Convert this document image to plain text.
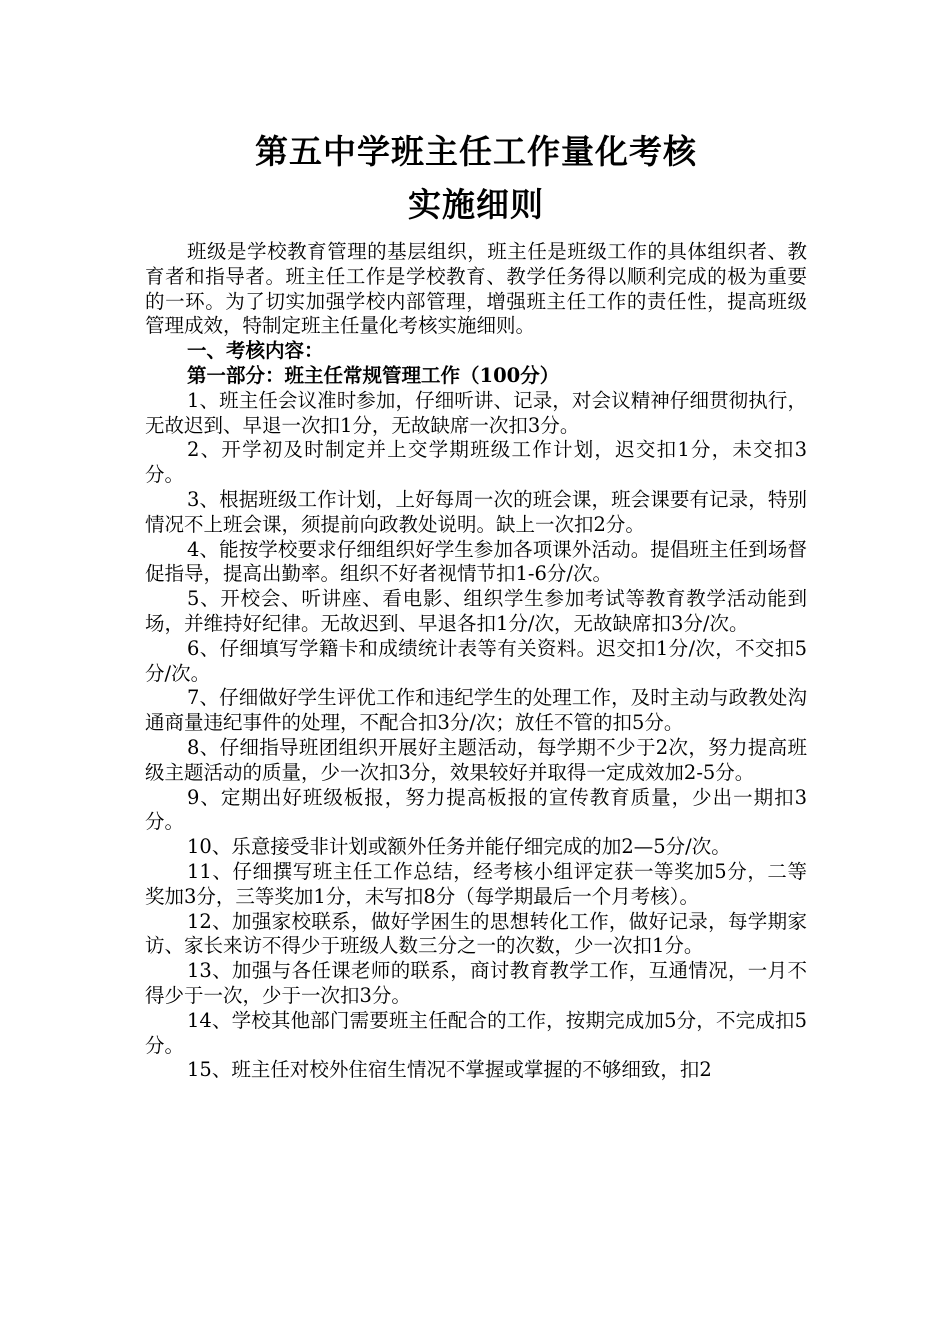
第五中学班主任工作量化考核
实施细则

班级是学校教育管理的基层组织，班主任是班级工作的具体组织者、教育者和指导者。班主任工作是学校教育、教学任务得以顺利完成的极为重要的一环。为了切实加强学校内部管理，增强班主任工作的责任性，提高班级管理成效，特制定班主任量化考核实施细则。

一、考核内容：

第一部分：班主任常规管理工作（100分）

1、班主任会议准时参加，仔细听讲、记录，对会议精神仔细贯彻执行，无故迟到、早退一次扣1分，无故缺席一次扣3分。

2、开学初及时制定并上交学期班级工作计划，迟交扣1分，未交扣3分。

3、根据班级工作计划，上好每周一次的班会课，班会课要有记录，特别情况不上班会课，须提前向政教处说明。缺上一次扣2分。

4、能按学校要求仔细组织好学生参加各项课外活动。提倡班主任到场督促指导，提高出勤率。组织不好者视情节扣1-6分/次。

5、开校会、听讲座、看电影、组织学生参加考试等教育教学活动能到场，并维持好纪律。无故迟到、早退各扣1分/次，无故缺席扣3分/次。

6、仔细填写学籍卡和成绩统计表等有关资料。迟交扣1分/次，不交扣5分/次。

7、仔细做好学生评优工作和违纪学生的处理工作，及时主动与政教处沟通商量违纪事件的处理，不配合扣3分/次；放任不管的扣5分。

8、仔细指导班团组织开展好主题活动，每学期不少于2次，努力提高班级主题活动的质量，少一次扣3分，效果较好并取得一定成效加2-5分。

9、定期出好班级板报，努力提高板报的宣传教育质量，少出一期扣3分。

10、乐意接受非计划或额外任务并能仔细完成的加2—5分/次。

11、仔细撰写班主任工作总结，经考核小组评定获一等奖加5分，二等奖加3分，三等奖加1分，未写扣8分（每学期最后一个月考核）。

12、加强家校联系，做好学困生的思想转化工作，做好记录，每学期家访、家长来访不得少于班级人数三分之一的次数，少一次扣1分。

13、加强与各任课老师的联系，商讨教育教学工作，互通情况，一月不得少于一次，少于一次扣3分。

14、学校其他部门需要班主任配合的工作，按期完成加5分，不完成扣5分。

15、班主任对校外住宿生情况不掌握或掌握的不够细致，扣2
